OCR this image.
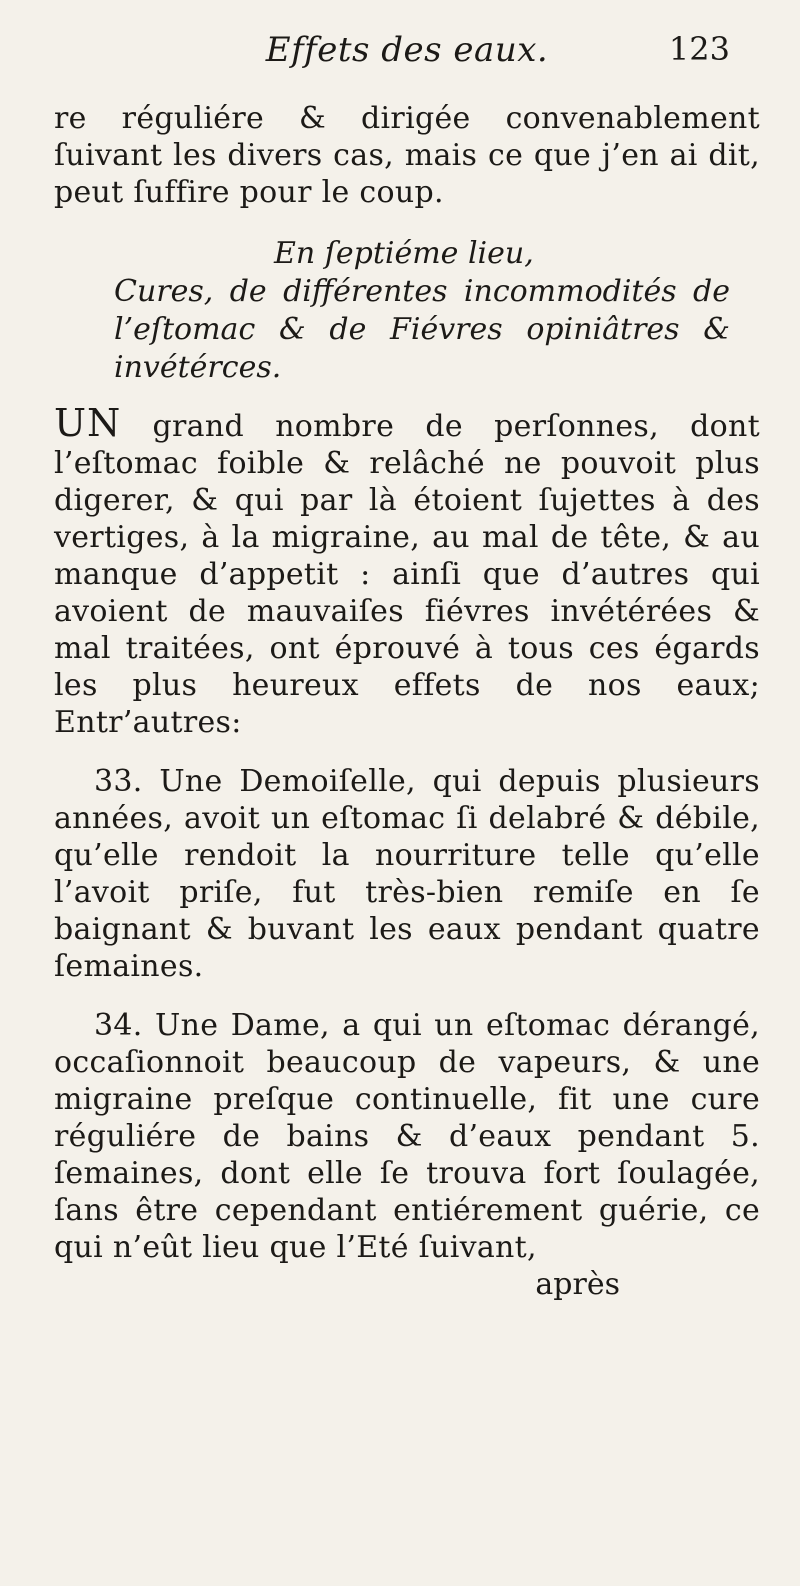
Effets des eaux.	123

re réguliére & dirigée convenablement ſuivant les divers cas, mais ce que j’en ai dit, peut ſuffire pour le coup.

En ſeptiéme lieu,
Cures, de différentes incommodités de l’eſtomac & de Fiévres opiniâtres & invétérces.

UN grand nombre de perſonnes, dont l’eſtomac foible & relâché ne pouvoit plus digerer, & qui par là étoient ſujettes à des vertiges, à la migraine, au mal de tête, & au manque d’appetit : ainſi que d’autres qui avoient de mauvaiſes fiévres invétérées & mal traitées, ont éprouvé à tous ces égards les plus heureux effets de nos eaux; Entr’autres:

33. Une Demoiſelle, qui depuis plusieurs années, avoit un eſtomac ſi delabré & débile, qu’elle rendoit la nourriture telle qu’elle l’avoit priſe, fut très-bien remiſe en ſe baignant & buvant les eaux pendant quatre ſemaines.

34. Une Dame, a qui un eſtomac dérangé, occaſionnoit beaucoup de vapeurs, & une migraine preſque continuelle, fit une cure réguliére de bains & d’eaux pendant 5. ſemaines, dont elle ſe trouva fort ſoulagée, ſans être cependant entiérement guérie, ce qui n’eût lieu que l’Eté ſuivant,

après
